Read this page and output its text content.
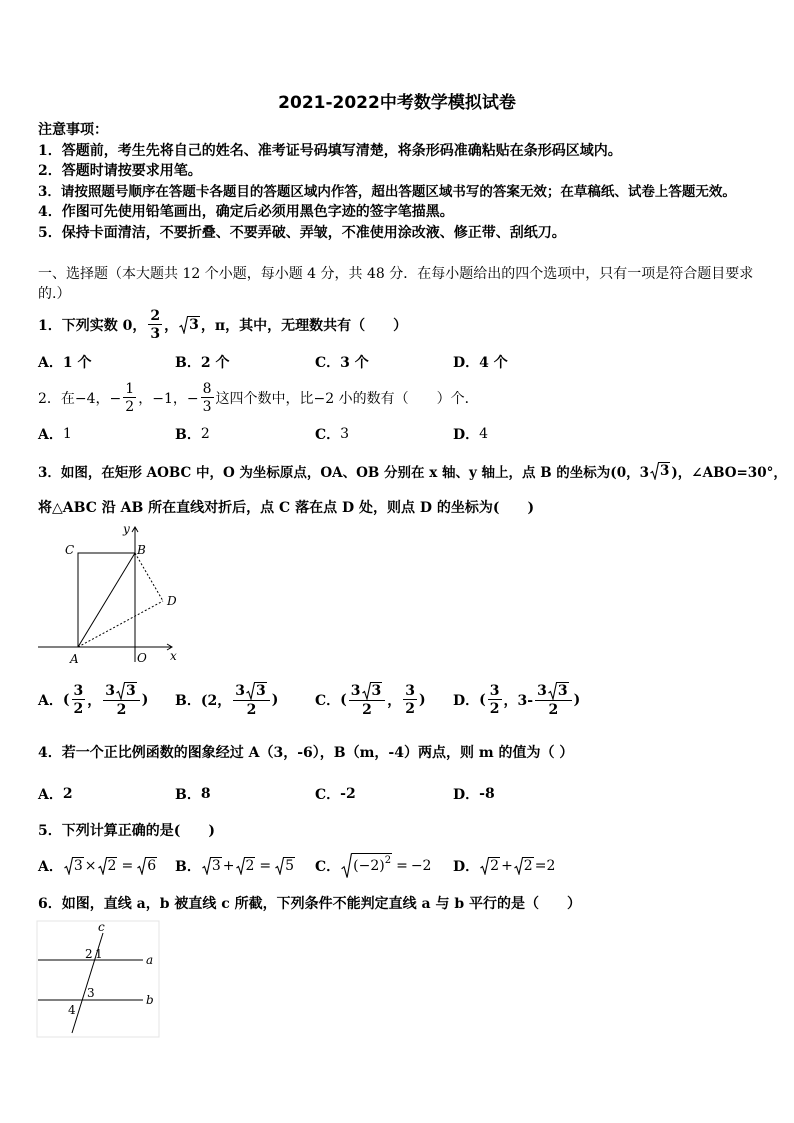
2021-2022中考数学模拟试卷
注意事项：
1．答题前，考生先将自己的姓名、准考证号码填写清楚，将条形码准确粘贴在条形码区域内。
2．答题时请按要求用笔。
3．请按照题号顺序在答题卡各题目的答题区域内作答，超出答题区域书写的答案无效；在草稿纸、试卷上答题无效。
4．作图可先使用铅笔画出，确定后必须用黑色字迹的签字笔描黑。
5．保持卡面清洁，不要折叠、不要弄破、弄皱，不准使用涂改液、修正带、刮纸刀。
一、选择题（本大题共 12 个小题，每小题 4 分，共 48 分．在每小题给出的四个选项中，只有一项是符合题目要求
的.）
1． 下列实数 0， $\frac{2}{3}$ ， 3 ，π，其中，无理数共有（　　）
A． 1 个	B． 2 个	C． 3 个	D． 4 个
2． 在−4，− $\frac{1}{2}$ ，−1，− $\frac{8}{3}$ 这四个数中，比−2 小的数有（　　）个．
A． 1	B． 2	C． 3	D． 4
3． 如图，在矩形 AOBC 中，O 为坐标原点，OA、OB 分别在 x 轴、y 轴上，点 B 的坐标为(0，3 3 )，∠ABO=30°，
将△ABC 沿 AB 所在直线对折后，点 C 落在点 D 处，则点 D 的坐标为(　　)
C	B
A	O
D
x
y
A． ( $\frac{3}{2}$ ， $\frac{3 3}{2}$ ) B． (2， $\frac{3 3}{2}$ )	C． ( $\frac{3 3}{2}$ ， $\frac{3}{2}$ ) D． ( $\frac{3}{2}$ ，$3- \frac{3 3}{2}$ )
4． 若一个正比例函数的图象经过 A（3，-6），B（m，-4）两点，则 m 的值为（ ）
A． 2	B． 8	C． -2	D． -8
5． 下列计算正确的是(　　)
A． 3 × 2 = 6 B． 3 + 2 = 5 C． $(-2)^2 = -2$ D． 2 + 2 = 2
6． 如图，直线 a，b 被直线 c 所截，下列条件不能判定直线 a 与 b 平行的是（　　）
c
a
b
2 1
3
4
